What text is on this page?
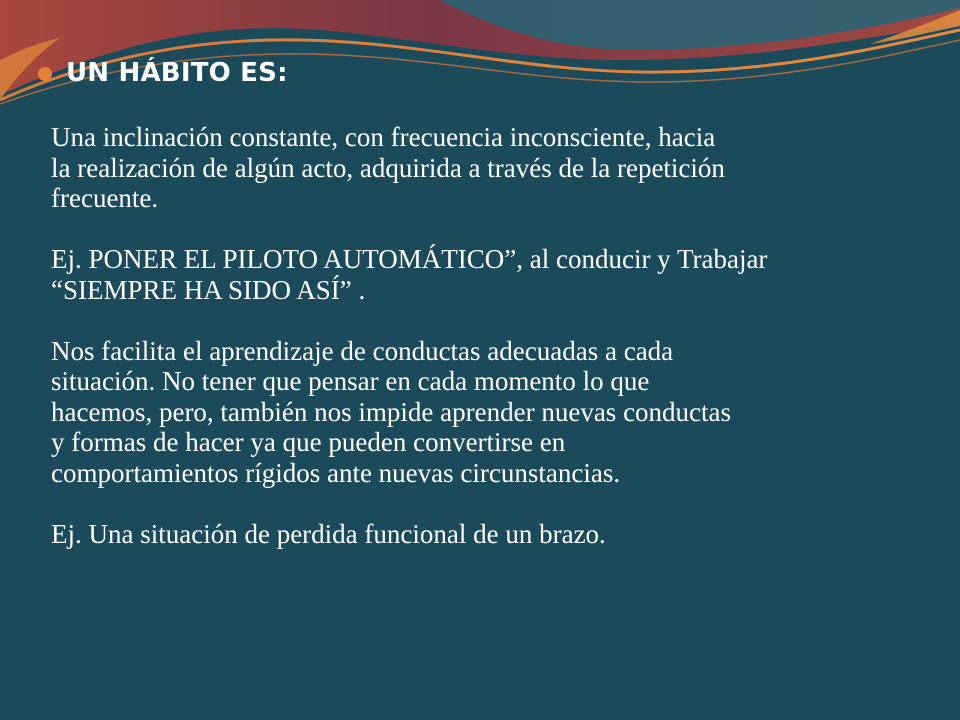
UN HÁBITO ES:

Una inclinación constante, con frecuencia inconsciente, hacia
la realización de algún acto, adquirida a través de la repetición
frecuente.

Ej. PONER EL PILOTO AUTOMÁTICO”, al conducir y Trabajar
“SIEMPRE HA SIDO ASÍ” .

Nos facilita el aprendizaje de conductas adecuadas a cada
situación. No tener que pensar en cada momento lo que
hacemos, pero, también nos impide aprender nuevas conductas
y formas de hacer ya que pueden convertirse en
comportamientos rígidos ante nuevas circunstancias.

Ej. Una situación de perdida funcional de un brazo.
